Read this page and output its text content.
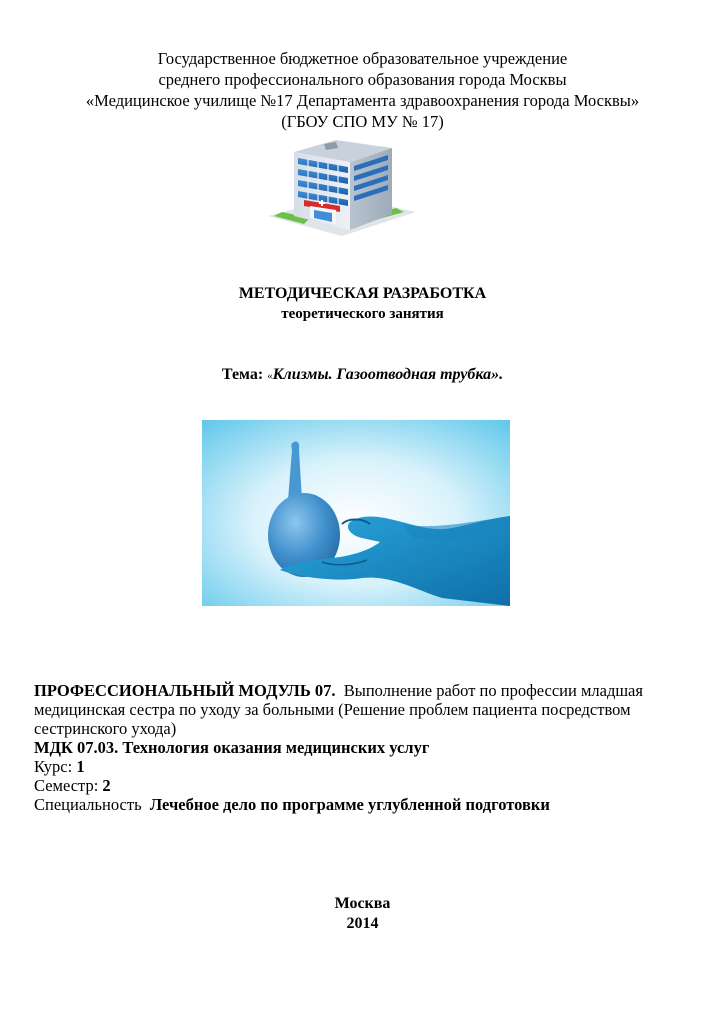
Государственное бюджетное образовательное учреждение
среднего профессионального образования города Москвы
«Медицинское училище №17 Департамента здравоохранения города Москвы»
(ГБОУ СПО МУ № 17)
МЕТОДИЧЕСКАЯ РАЗРАБОТКА
теоретического занятия
Тема: «Клизмы. Газоотводная трубка».

ПРОФЕССИОНАЛЬНЫЙ МОДУЛЬ 07. Выполнение работ по профессии младшая медицинская сестра по уходу за больными (Решение проблем пациента посредством сестринского ухода)

МДК 07.03. Технология оказания медицинских услуг

Курс: 1

Семестр: 2

Специальность Лечебное дело по программе углубленной подготовки

Москва
2014
